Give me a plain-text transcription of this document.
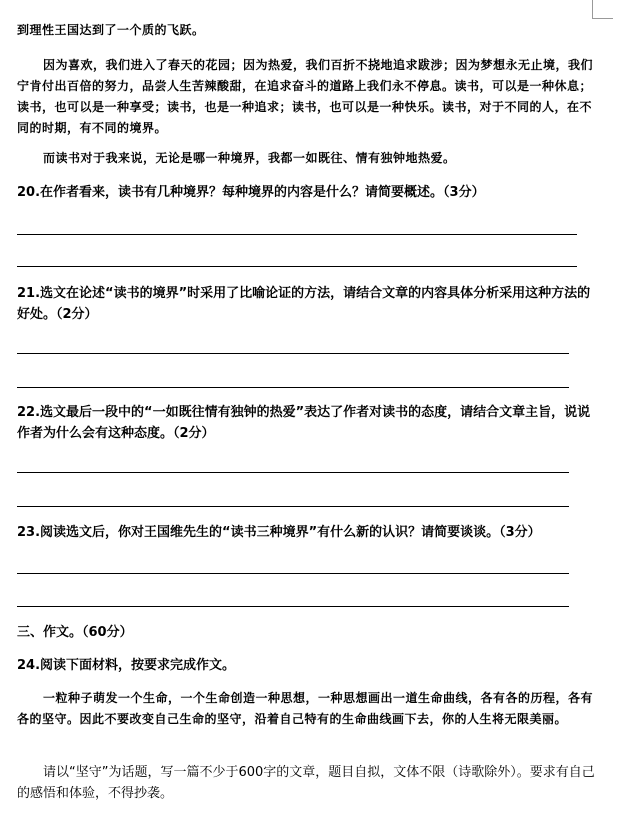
到理性王国达到了一个质的飞跃。
因为喜欢，我们进入了春天的花园；因为热爱，我们百折不挠地追求跋涉；因为梦想永无止境，我们宁肯付出百倍的努力，品尝人生苦辣酸甜，在追求奋斗的道路上我们永不停息。读书，可以是一种休息；读书，也可以是一种享受；读书，也是一种追求；读书，也可以是一种快乐。读书，对于不同的人，在不同的时期，有不同的境界。
而读书对于我来说，无论是哪一种境界，我都一如既往、情有独钟地热爱。
20.在作者看来，读书有几种境界？每种境界的内容是什么？请简要概述。（3分）
21.选文在论述“读书的境界”时采用了比喻论证的方法，请结合文章的内容具体分析采用这种方法的好处。（2分）
22.选文最后一段中的“一如既往情有独钟的热爱”表达了作者对读书的态度，请结合文章主旨，说说作者为什么会有这种态度。（2分）
23.阅读选文后，你对王国维先生的“读书三种境界”有什么新的认识？请简要谈谈。（3分）
三、作文。（60分）
24.阅读下面材料，按要求完成作文。
一粒种子萌发一个生命，一个生命创造一种思想，一种思想画出一道生命曲线，各有各的历程，各有各的坚守。因此不要改变自己生命的坚守，沿着自己特有的生命曲线画下去，你的人生将无限美丽。
请以“坚守”为话题，写一篇不少于600字的文章，题目自拟，文体不限（诗歌除外）。要求有自己的感悟和体验，不得抄袭。
